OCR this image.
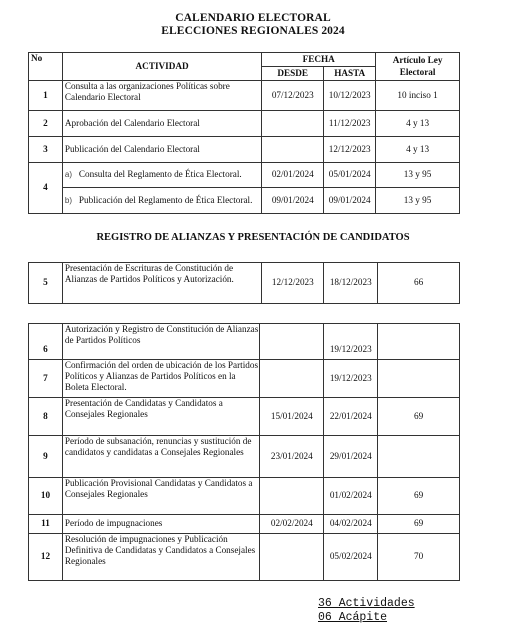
CALENDARIO ELECTORAL
ELECCIONES REGIONALES 2024
No	ACTIVIDAD	FECHA		Artículo Ley Electoral
		DESDE	HASTA	
1	Consulta a las organizaciones Políticas sobre Calendario Electoral	07/12/2023	10/12/2023	10 inciso 1
2	Aprobación del Calendario Electoral		11/12/2023	4 y 13
3	Publicación del Calendario Electoral		12/12/2023	4 y 13
4	a) Consulta del Reglamento de Ética Electoral.	02/01/2024	05/01/2024	13 y 95
	b) Publicación del Reglamento de Ética Electoral.	09/01/2024	09/01/2024	13 y 95
REGISTRO DE ALIANZAS Y PRESENTACIÓN DE CANDIDATOS
5	Presentación de Escrituras de Constitución de Alianzas de Partidos Políticos y Autorización.	12/12/2023	18/12/2023	66
6	Autorización y Registro de Constitución de Alianzas de Partidos Políticos		19/12/2023	
7	Confirmación del orden de ubicación de los Partidos Políticos y Alianzas de Partidos Políticos en la Boleta Electoral.		19/12/2023	
8	Presentación de Candidatas y Candidatos a Consejales Regionales	15/01/2024	22/01/2024	69
9	Período de subsanación, renuncias y sustitución de candidatos y candidatas a Consejales Regionales	23/01/2024	29/01/2024	
10	Publicación Provisional Candidatas y Candidatos a Consejales Regionales		01/02/2024	69
11	Período de impugnaciones	02/02/2024	04/02/2024	69
12	Resolución de impugnaciones y Publicación Definitiva de Candidatas y Candidatos a Consejales Regionales		05/02/2024	70
36 Actividades
06 Acápite
